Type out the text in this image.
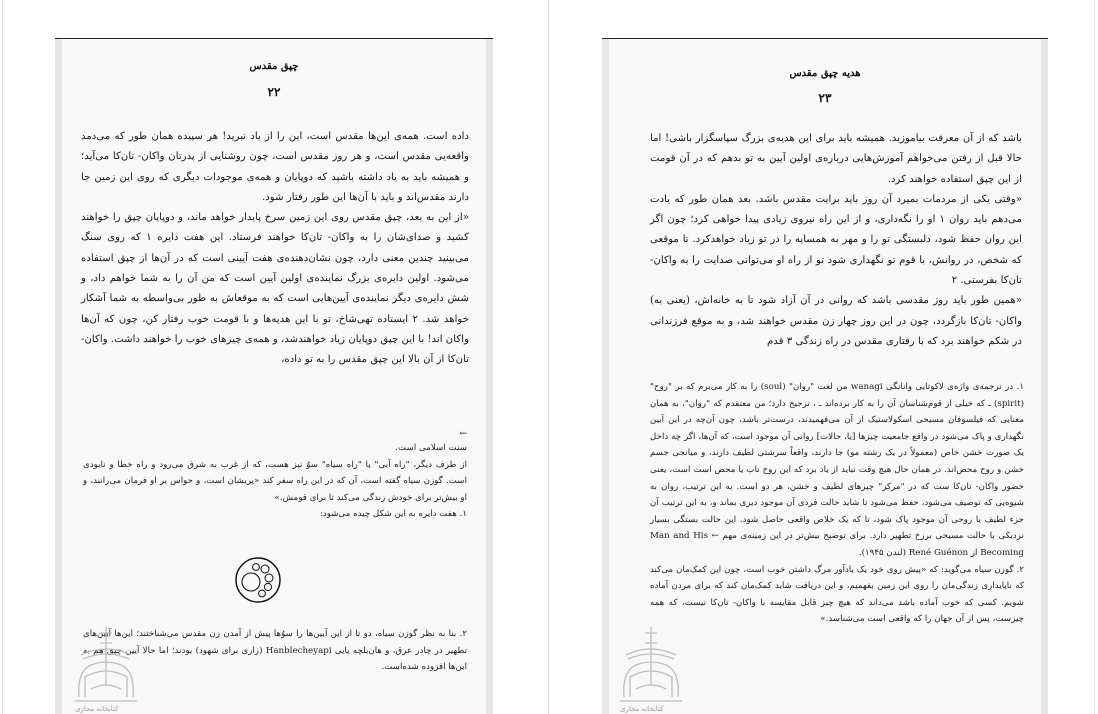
چپق مقدس
۲۲

داده است. همه‌ی این‌ها مقدس است، این را از یاد نبرید! هر سپیده همان طور که می‌دمد واقعه‌یی مقدس است، و هر روز مقدس است، چون روشنایی از پدرتان واکان- تان‌کا می‌آید؛ و همیشه باید به یاد داشته باشید که دوپایان و همه‌ی موجودات دیگری که روی این زمین جا دارند مقدس‌اند و باید با آن‌ها این طور رفتار شود.

«از این به بعد، چپق مقدس روی این زمین سرخ پایدار خواهد ماند، و دوپایان چپق را خواهند کشید و صدای‌شان را به واکان- تان‌کا خواهند فرستاد. این هفت دایره ۱ که روی سنگ می‌بینید چندین معنی دارد، چون نشان‌دهنده‌ی هفت آیینی است که در آن‌ها از چپق استفاده می‌شود. اولین دایره‌ی بزرگ نماینده‌ی اولین آیین است که من آن را به شما خواهم داد، و شش دایره‌ی دیگر نماینده‌ی آیین‌هایی است که به موقعاش به طور بی‌واسطه به شما آشکار خواهد شد. ۲ ایستاده تهی‌شاخ، تو با این هدیه‌ها و با قومت خوب رفتار کن، چون که آن‌ها واکان اند! با این چپق دوپایان زیاد خواهند‌شد، و همه‌ی چیزهای خوب را خواهند داشت. واکان- تان‌کا از آن بالا این چپق مقدس را به تو داده،

←

سنت اسلامی است.

از طرف دیگر، "راه آبی" یا "راه سیاه" سوُ نیز هست، که از غرب به شرق می‌رود و راه خطا و نابودی است. گوزن سیاه گفته است، آن که در این راه سفر کند «پریشان است، و حواس بر او فرمان می‌رانند، و او بیش‌تر برای خودش زندگی می‌کند تا برای قومش.»

۱. هفت دایره به این شکل چیده می‌شود:

۲. بنا به نظر گوزن سیاه، دو تا از این آیین‌ها را سوُها پیش از آمدن زن مقدس می‌شناختند؛ این‌ها آیین‌های تطهیر در چادر عرق، و هان‌بلچه یایی Hanblecheyapi (زاری برای شهود) بودند؛ اما حالا آیین چپق هم به این‌ها افزوده شده‌است.

کتابخانه مجازی
هدیه چپق مقدس
۲۳

باشد که از آن معرفت بیاموزید. همیشه باید برای این هدیه‌ی بزرگ سپاسگزار باشی! اما حالا قبل از رفتن می‌خواهم آموزش‌هایی درباره‌ی اولین آیین به تو بدهم که در آن قومت از این چپق استفاده خواهند کرد.

«وقتی یکی از مردمات بمیرد آن روز باید برایت مقدس باشد. بعد همان طور که یادت می‌دهم باید روان ۱ او را نگه‌داری، و از این راه نیروی زیادی پیدا خواهی کرد؛ چون اگر این روان حفظ شود، دلبستگی تو را و مهر به همسایه را در تو زیاد خواهد‌کرد. تا موقعی که شخص، در روانش، با قوم تو نگهداری شود تو از راه او می‌توانی صدایت را به واکان- تان‌کا بفرستی. ۲

«همین طور باید روز مقدسی باشد که روانی در آن آزاد شود تا به خانه‌اش، (یعنی به) واکان- تان‌کا بازگردد، چون در این روز چهار زن مقدس خواهند شد، و به موقع فرزندانی در شکم خواهند برد که با رفتاری مقدس در راه زندگی ۳ قدم

۱. در ترجمه‌ی واژه‌ی لاکوتایی وانانگی wanagi من لغت "روان" (soul) را به کار می‌برم که بر "روح" (spirit) ـ که خیلی از قوم‌شناسان آن را به کار برده‌اند ـ ، ترجیح دارد؛ من معتقدم که "روان"، به همان معنایی که فیلسوفان مسیحی اسکولاستیک از آن می‌فهمیدند، درست‌تر باشد، چون آن‌چه در این آیین نگهداری و پاک می‌شود در واقع جامعیت چیزها [یا، حالات] روانی آن موجود است، که آن‌ها، اگر چه داخل یک صورت خشن خاص (معمولاً در یک رشته مو) جا دارند، واقعاً سرشتی لطیف دارند، و میانجی جسم خشن و روح محض‌اند. در همان حال هیچ وقت نباید از یاد برد که این روح ناب یا محض است است، یعنی حضور واکان- تان‌کا ست که در "مرکز" چیزهای لطیف و خشن، هر دو است. به این ترتیب، روان به شیوه‌یی که توصیف می‌شود، حفظ می‌شود تا شاید حالت فردی آن موجود دیری بماند و، به این ترتیب آن جزء لطیف یا روحی آن موجود پاک شود، تا که یک خلاص واقعی حاصل شود. این حالت بستگی بسیار نزدیکی با حالت مسیحی برزخ تطهیر دارد. برای توضیح بیش‌تر در این زمینه‌ی مهم ← Man and His Becoming از René Guénon (لندن ۱۹۴۵).

۲. گوزن سیاه می‌گوید: که «پیش روی خود یک یادآور مرگ داشتن خوب است، چون این کمک‌مان می‌کند که ناپایداری زندگی‌مان را روی این زمین بفهمیم، و این دریافت شاید کمک‌مان کند که برای مردن آماده شویم. کسی که خوب آماده باشد می‌داند که هیچ چیز قابل مقایسه با واکان- تان‌کا نیست، که همه چیزست، پس از آن جهان را که واقعی است می‌شناسد.»

کتابخانه مجازی
